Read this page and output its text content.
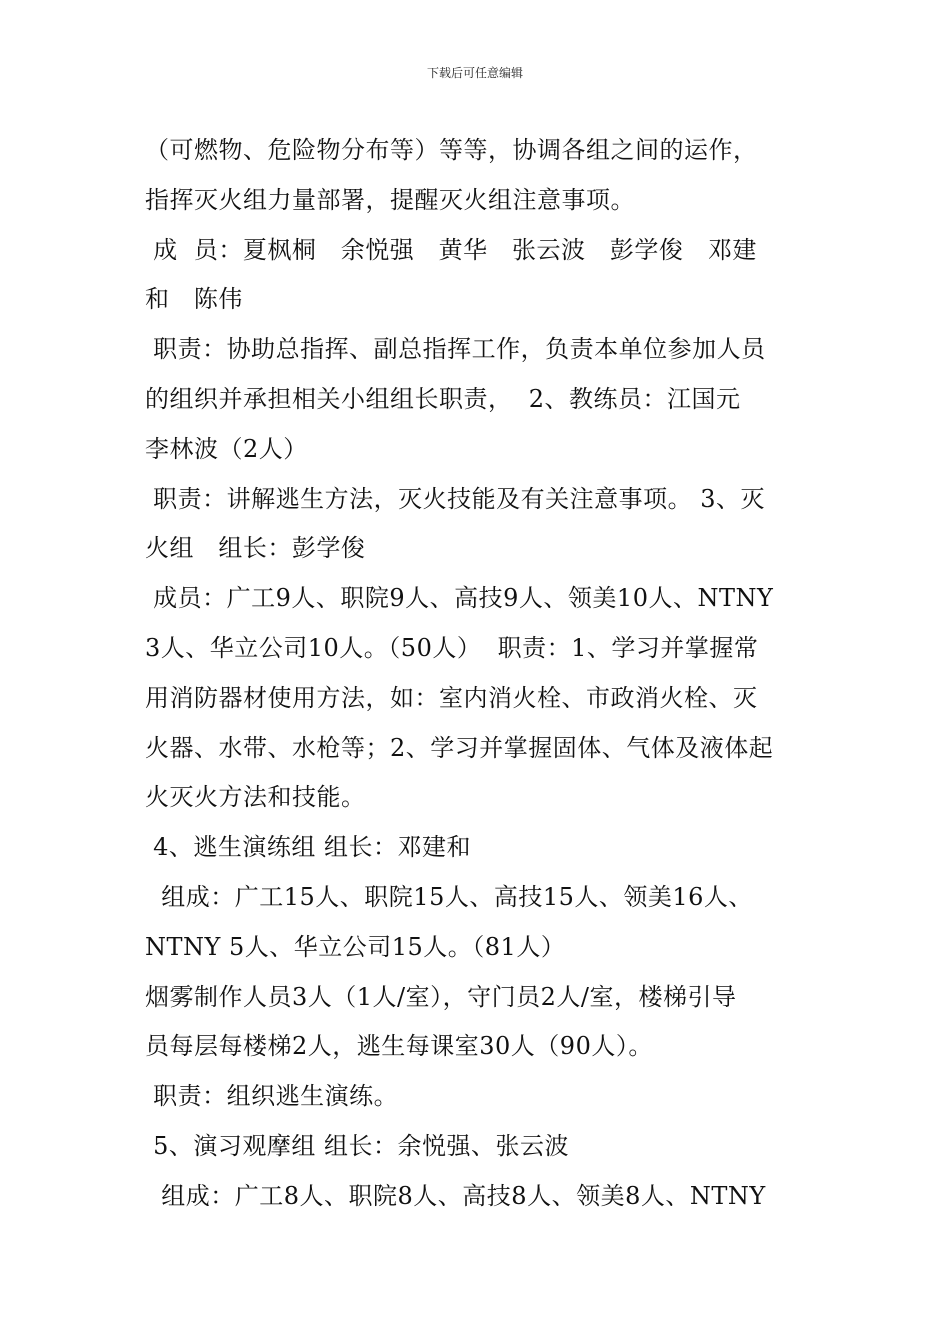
下载后可任意编辑
（可燃物、危险物分布等）等等，协调各组之间的运作，
指挥灭火组力量部署，提醒灭火组注意事项。
成  员：夏枫桐   余悦强   黄华   张云波   彭学俊   邓建
和   陈伟
职责：协助总指挥、副总指挥工作，负责本单位参加人员
的组织并承担相关小组组长职责，  2、教练员：江国元
李林波（2人）
职责：讲解逃生方法，灭火技能及有关注意事项。 3、灭
火组   组长：彭学俊
成员：广工9人、职院9人、高技9人、领美10人、NTNY
3人、华立公司10人。（50人）  职责：1、学习并掌握常
用消防器材使用方法，如：室内消火栓、市政消火栓、灭
火器、水带、水枪等；2、学习并掌握固体、气体及液体起
火灭火方法和技能。
4、逃生演练组 组长：邓建和
组成：广工15人、职院15人、高技15人、领美16人、
NTNY 5人、华立公司15人。（81人）
烟雾制作人员3人（1人/室），守门员2人/室，楼梯引导
员每层每楼梯2人，逃生每课室30人（90人）。
职责：组织逃生演练。
5、演习观摩组 组长：余悦强、张云波
组成：广工8人、职院8人、高技8人、领美8人、NTNY
